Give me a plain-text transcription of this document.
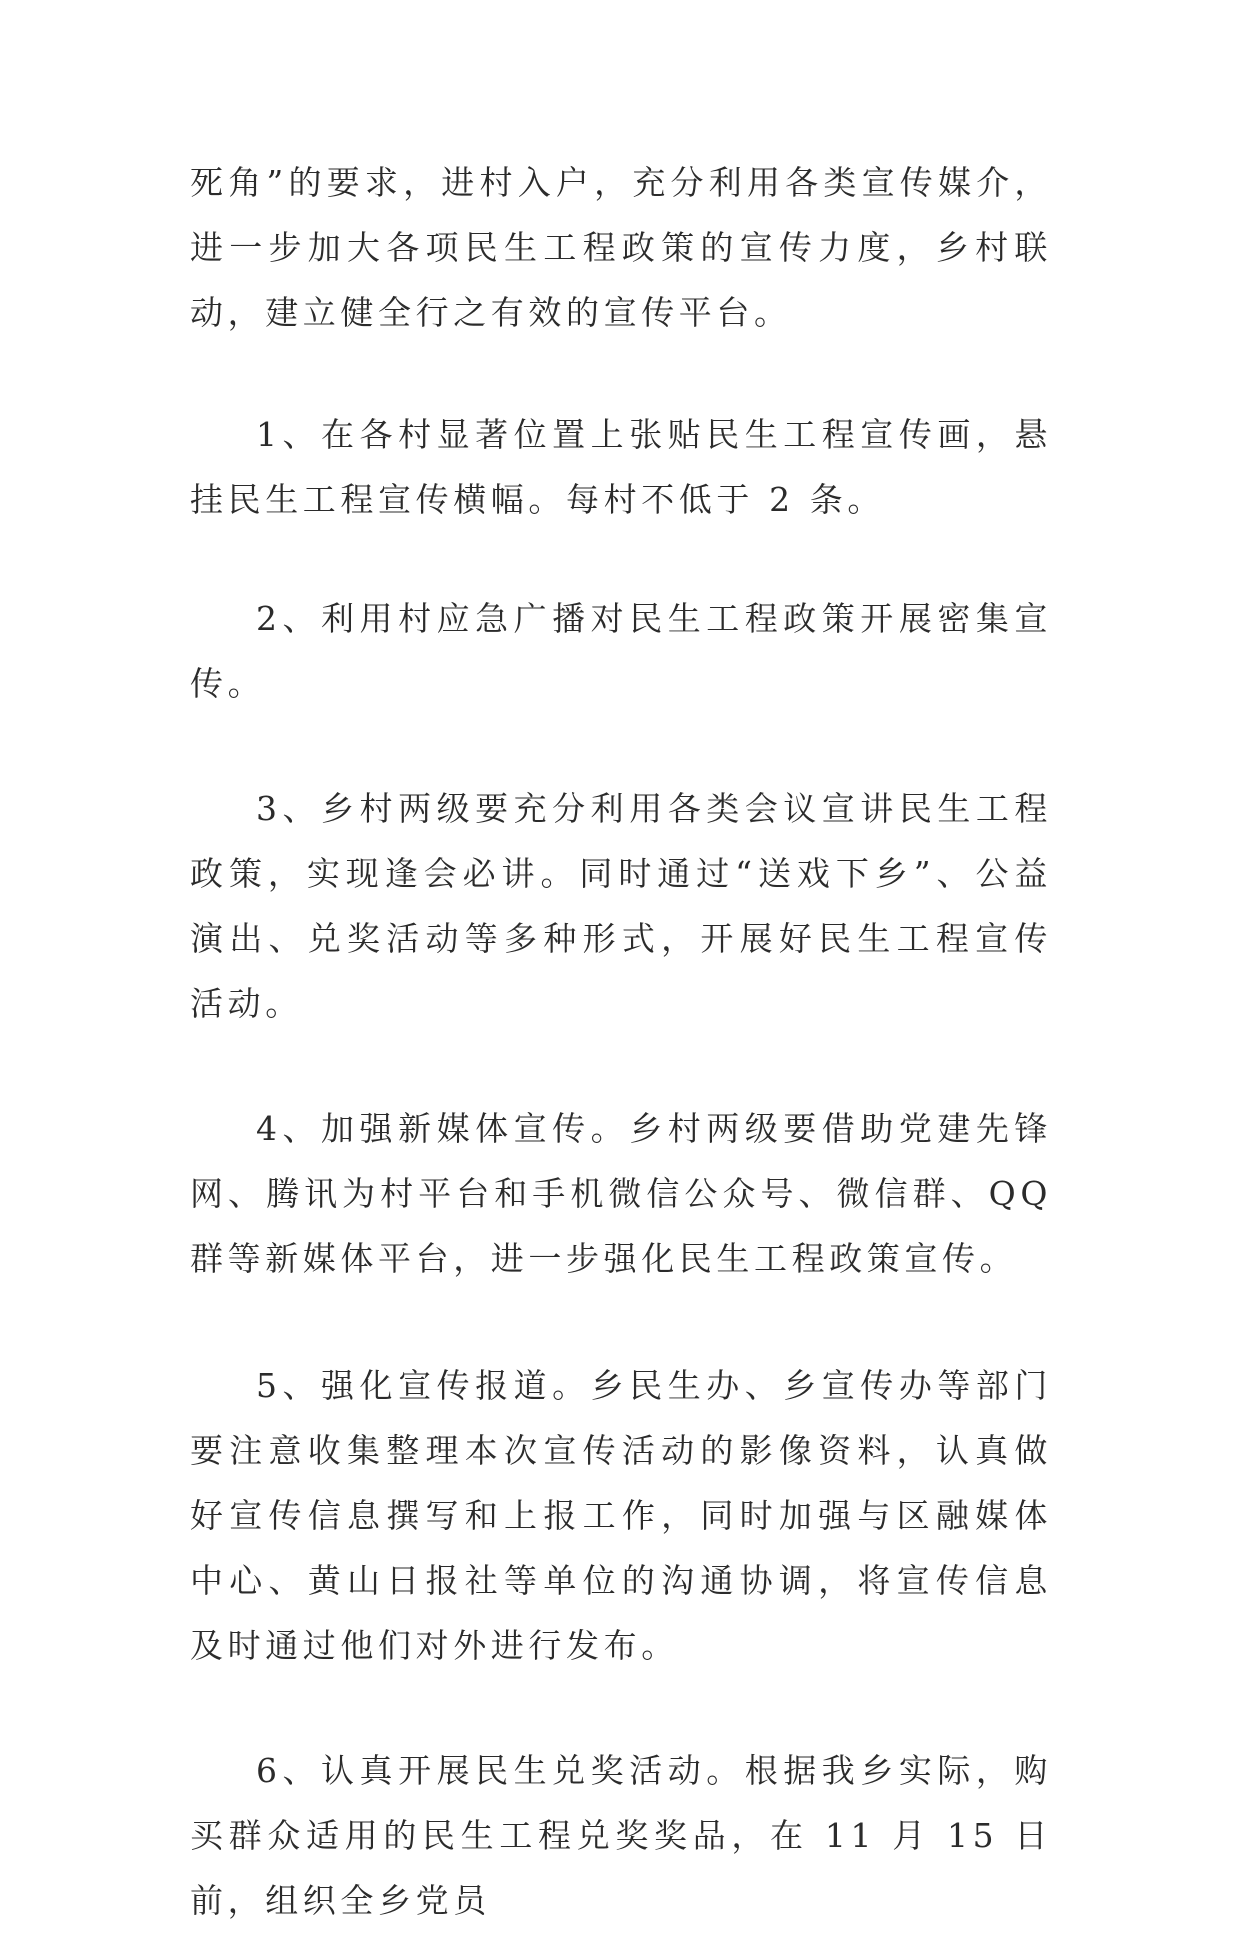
死角”的要求，进村入户，充分利用各类宣传媒介，进一步加大各项民生工程政策的宣传力度，乡村联动，建立健全行之有效的宣传平台。

1、在各村显著位置上张贴民生工程宣传画，悬挂民生工程宣传横幅。每村不低于 2 条。

2、利用村应急广播对民生工程政策开展密集宣传。

3、乡村两级要充分利用各类会议宣讲民生工程政策，实现逢会必讲。同时通过“送戏下乡”、公益演出、兑奖活动等多种形式，开展好民生工程宣传活动。

4、加强新媒体宣传。乡村两级要借助党建先锋网、腾讯为村平台和手机微信公众号、微信群、QQ 群等新媒体平台，进一步强化民生工程政策宣传。

5、强化宣传报道。乡民生办、乡宣传办等部门要注意收集整理本次宣传活动的影像资料，认真做好宣传信息撰写和上报工作，同时加强与区融媒体中心、黄山日报社等单位的沟通协调，将宣传信息及时通过他们对外进行发布。

6、认真开展民生兑奖活动。根据我乡实际，购买群众适用的民生工程兑奖奖品，在 11 月 15 日前，组织全乡党员
